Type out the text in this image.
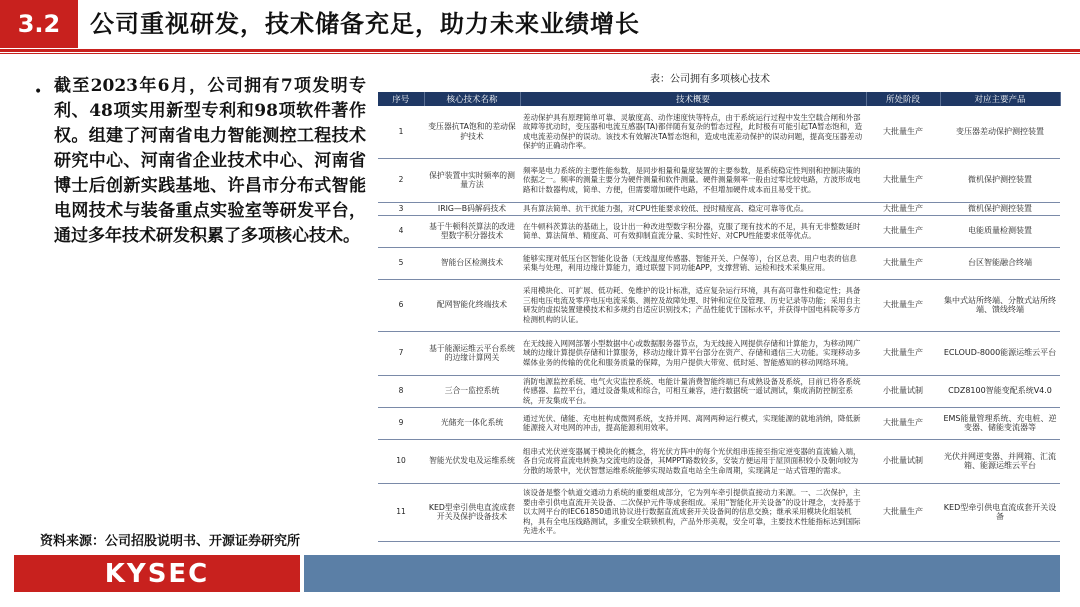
3.2	公司重视研发，技术储备充足，助力未来业绩增长
• 截至2023年6月，公司拥有7项发明专利、48项实用新型专利和98项软件著作权。组建了河南省电力智能测控工程技术研究中心、河南省企业技术中心、河南省博士后创新实践基地、许昌市分布式智能电网技术与装备重点实验室等研发平台，通过多年技术研发积累了多项核心技术。
资料来源：公司招股说明书、开源证券研究所
表：公司拥有多项核心技术
序号	核心技术名称	技术概要	所处阶段	对应主要产品
1	变压器抗TA饱和的差动保护技术	差动保护具有原理简单可靠、灵敏度高、动作速度快等特点，由于系统运行过程中发生空载合闸和外部故障等扰动时，变压器和电流互感器(TA)都伴随有复杂的暂态过程，此时极有可能引起TA暂态饱和，造成电流差动保护的误动。该技术有效解决TA暂态饱和，造成电流差动保护的误动问题，提高变压器差动保护的正确动作率。	大批量生产	变压器差动保护测控装置
2	保护装置中实时频率的测量方法	频率是电力系统的主要性能参数，是同步相量和量度装置的主要参数，是系统稳定性判别和控制决策的依据之一。频率的测量主要分为硬件测量和软件测量。硬件测量频率一般由过零比较电路，方波形成电路和计数器构成，简单、方便，但需要增加硬件电路，不但增加硬件成本而且易受干扰。	大批量生产	微机保护测控装置
3	IRIG—B码解码技术	具有算法简单、抗干扰能力强，对CPU性能要求较低、授时精度高、稳定可靠等优点。	大批量生产	微机保护测控装置
4	基于牛顿科茨算法的改进型数字积分器技术	在牛顿科茨算法的基础上，设计出一种改进型数字积分器，克服了现有技术的不足，具有无非整数延时简单、算法简单、精度高、可有效抑制直流分量、实时性好、对CPU性能要求低等优点。	大批量生产	电能质量检测装置
5	智能台区检测技术	能够实现对低压台区智能化设备（无线温度传感器、智能开关、户保等），台区总表、用户电表的信息采集与处理，利用边缘计算能力，通过联盟下同功能APP，支撑营销、运检和技术采集应用。	大批量生产	台区智能融合终端
6	配网智能化终端技术	采用模块化、可扩展、低功耗、免维护的设计标准，适应复杂运行环境，具有高可靠性和稳定性；具备三相电压电流及零序电压电流采集、测控及故障处理、时钟和定位及管理、历史记录等功能；采用自主研发的虚拟装置建模技术和多规约自适应识别技术；产品性能优于国标水平，并获得中国电科院等多方检测机构的认证。	大批量生产	集中式站所终端、分散式站所终端、馈线终端
7	基于能源运维云平台系统的边缘计算网关	在无线接入网网部署小型数据中心或数据服务器节点，为无线接入网提供存储和计算能力，为移动网广域的边缘计算提供存储和计算服务，移动边缘计算平台部分在资产、存储和通信三大功能。实现移动多媒体业务的传输的优化和服务质量的保障，为用户提供大带宽、低时延、智能感知的移动网络环境。	大批量生产	ECLOUD-8000能源运维云平台
8	三合一监控系统	消防电源监控系统、电气火灾监控系统、电能计量消费智能终端已有成熟设备及系统，目前已将各系统传感器、监控平台，通过设备集成和综合，可相互兼容，进行数据统一遥试测试，集成消防控制室系统，开发集成平台。	小批量试制	CDZ8100智能变配系统V4.0
9	光储充一体化系统	通过光伏、储能、充电桩构成微网系统，支持并网、离网两种运行模式，实现能源的就地消纳，降低新能源接入对电网的冲击，提高能源利用效率。	大批量生产	EMS能量管理系统、充电桩、逆变器、储能变流器等
10	智能光伏发电及运维系统	组串式光伏逆变器属于模块化的概念，将光伏方阵中的每个光伏组串连接至指定逆变器的直流输入端，各自完成将直流电转换为交流电的设备，其MPPT路数较多，安装方便运用于屋顶面积较小及朝向较为分散的场景中，光伏智慧运维系统能够实现站数直电站全生命周期，实现满足一站式管理的需求。	小批量试制	光伏并网逆变器、并网箱、汇流箱、能源运维云平台
11	KED型牵引供电直流成套开关及保护设备技术	该设备是整个轨道交通动力系统的重要组成部分，它为列车牵引提供直接动力来源。一、二次保护，主要由牵引供电直流开关设备、二次保护元件等成套组成。采用“智能化开关设备”的设计理念，支持基于以太网平台的IEC61850通讯协议进行数据直流成套开关设备间的信息交换；继承采用模块化组装机构，具有全电压线路测试，多重安全联锁机构，产品外形美观，安全可靠，主要技术性能指标达到国际先进水平。	大批量生产	KED型牵引供电直流成套开关设备
KYSEC
